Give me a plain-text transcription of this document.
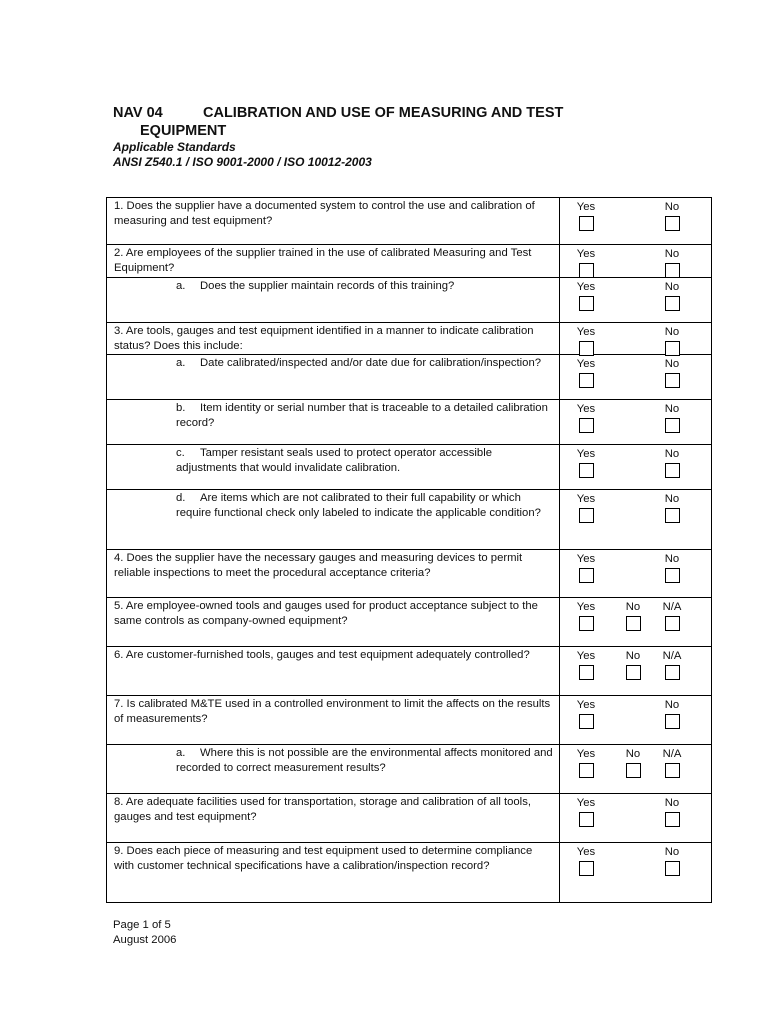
NAV 04	CALIBRATION AND USE OF MEASURING AND TEST
EQUIPMENT
Applicable Standards
ANSI Z540.1 / ISO 9001-2000 / ISO 10012-2003
1. Does the supplier have a documented system to control the use and calibration of measuring and test equipment?	Yes No

2. Are employees of the supplier trained in the use of calibrated Measuring and Test Equipment?	Yes No

a. Does the supplier maintain records of this training?	Yes No

3. Are tools, gauges and test equipment identified in a manner to indicate calibration status? Does this include:	Yes No

a. Date calibrated/inspected and/or date due for calibration/inspection?	Yes No

b. Item identity or serial number that is traceable to a detailed calibration record?	Yes No

c. Tamper resistant seals used to protect operator accessible adjustments that would invalidate calibration.	Yes No

d. Are items which are not calibrated to their full capability or which require functional check only labeled to indicate the applicable condition?	Yes No

4. Does the supplier have the necessary gauges and measuring devices to permit reliable inspections to meet the procedural acceptance criteria?	Yes No

5. Are employee-owned tools and gauges used for product acceptance subject to the same controls as company-owned equipment?	Yes No N/A

6. Are customer-furnished tools, gauges and test equipment adequately controlled?	Yes No N/A

7. Is calibrated M&TE used in a controlled environment to limit the affects on the results of measurements?	Yes No

a. Where this is not possible are the environmental affects monitored and recorded to correct measurement results?	Yes No N/A

8. Are adequate facilities used for transportation, storage and calibration of all tools, gauges and test equipment?	Yes No

9. Does each piece of measuring and test equipment used to determine compliance with customer technical specifications have a calibration/inspection record?	Yes No
Page 1 of 5
August 2006
